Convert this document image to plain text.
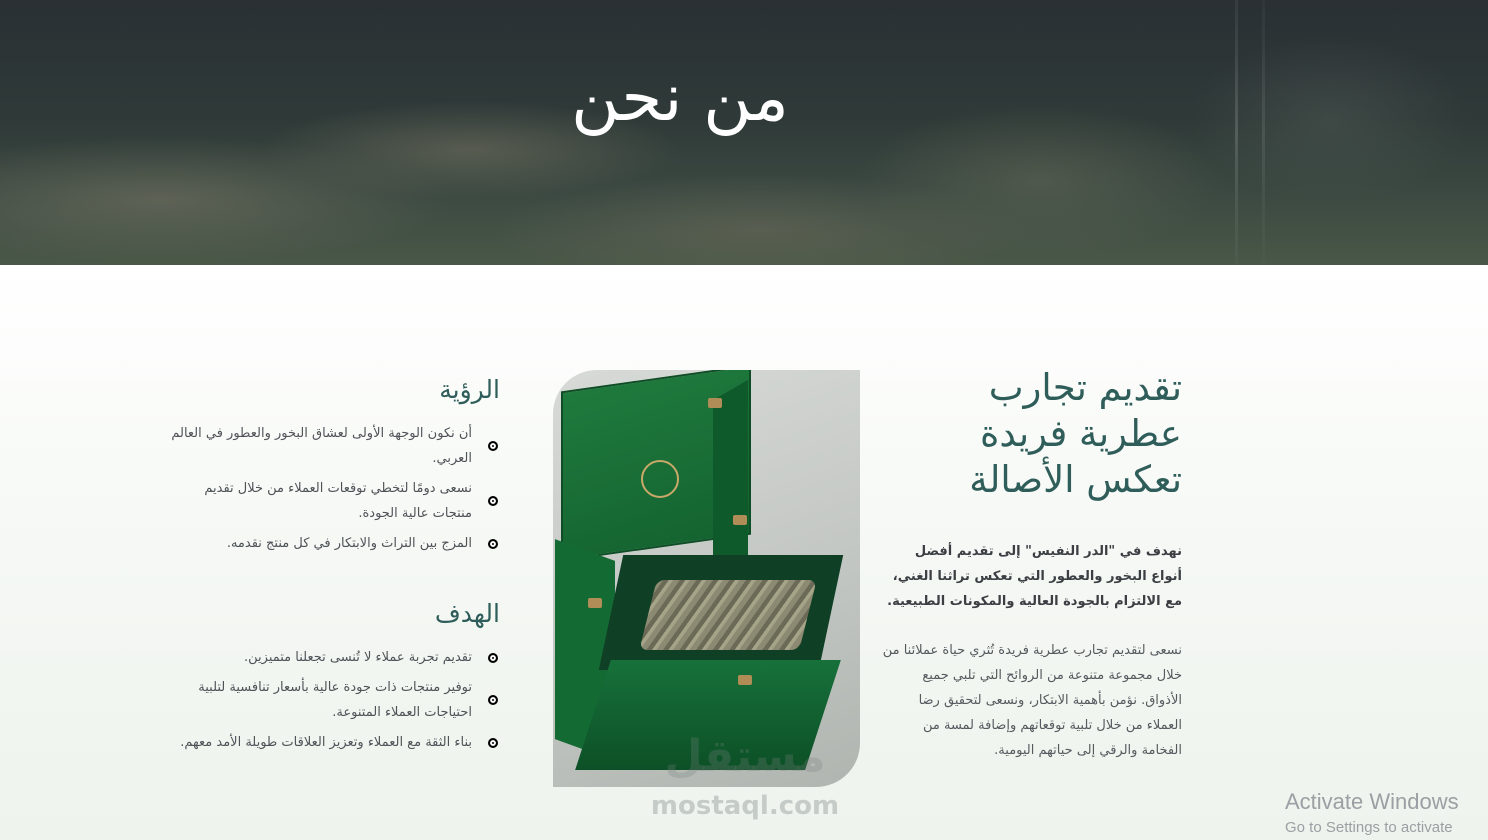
من نحن
تقديم تجارب
عطرية فريدة
تعكس الأصالة

نهدف في "الدر النفيس" إلى تقديم أفضل أنواع البخور والعطور التي تعكس تراثنا الغني، مع الالتزام بالجودة العالية والمكونات الطبيعية.

نسعى لتقديم تجارب عطرية فريدة تُثري حياة عملائنا من خلال مجموعة متنوعة من الروائح التي تلبي جميع الأذواق. نؤمن بأهمية الابتكار، ونسعى لتحقيق رضا العملاء من خلال تلبية توقعاتهم وإضافة لمسة من الفخامة والرقي إلى حياتهم اليومية.

الرؤية
أن نكون الوجهة الأولى لعشاق البخور والعطور في العالم العربي.
نسعى دومًا لتخطي توقعات العملاء من خلال تقديم منتجات عالية الجودة.
المزج بين التراث والابتكار في كل منتج نقدمه.
الهدف
تقديم تجربة عملاء لا تُنسى تجعلنا متميزين.
توفير منتجات ذات جودة عالية بأسعار تنافسية لتلبية احتياجات العملاء المتنوعة.
بناء الثقة مع العملاء وتعزيز العلاقات طويلة الأمد معهم.	مستقل
mostaql.com	Activate Windows
Go to Settings to activate
